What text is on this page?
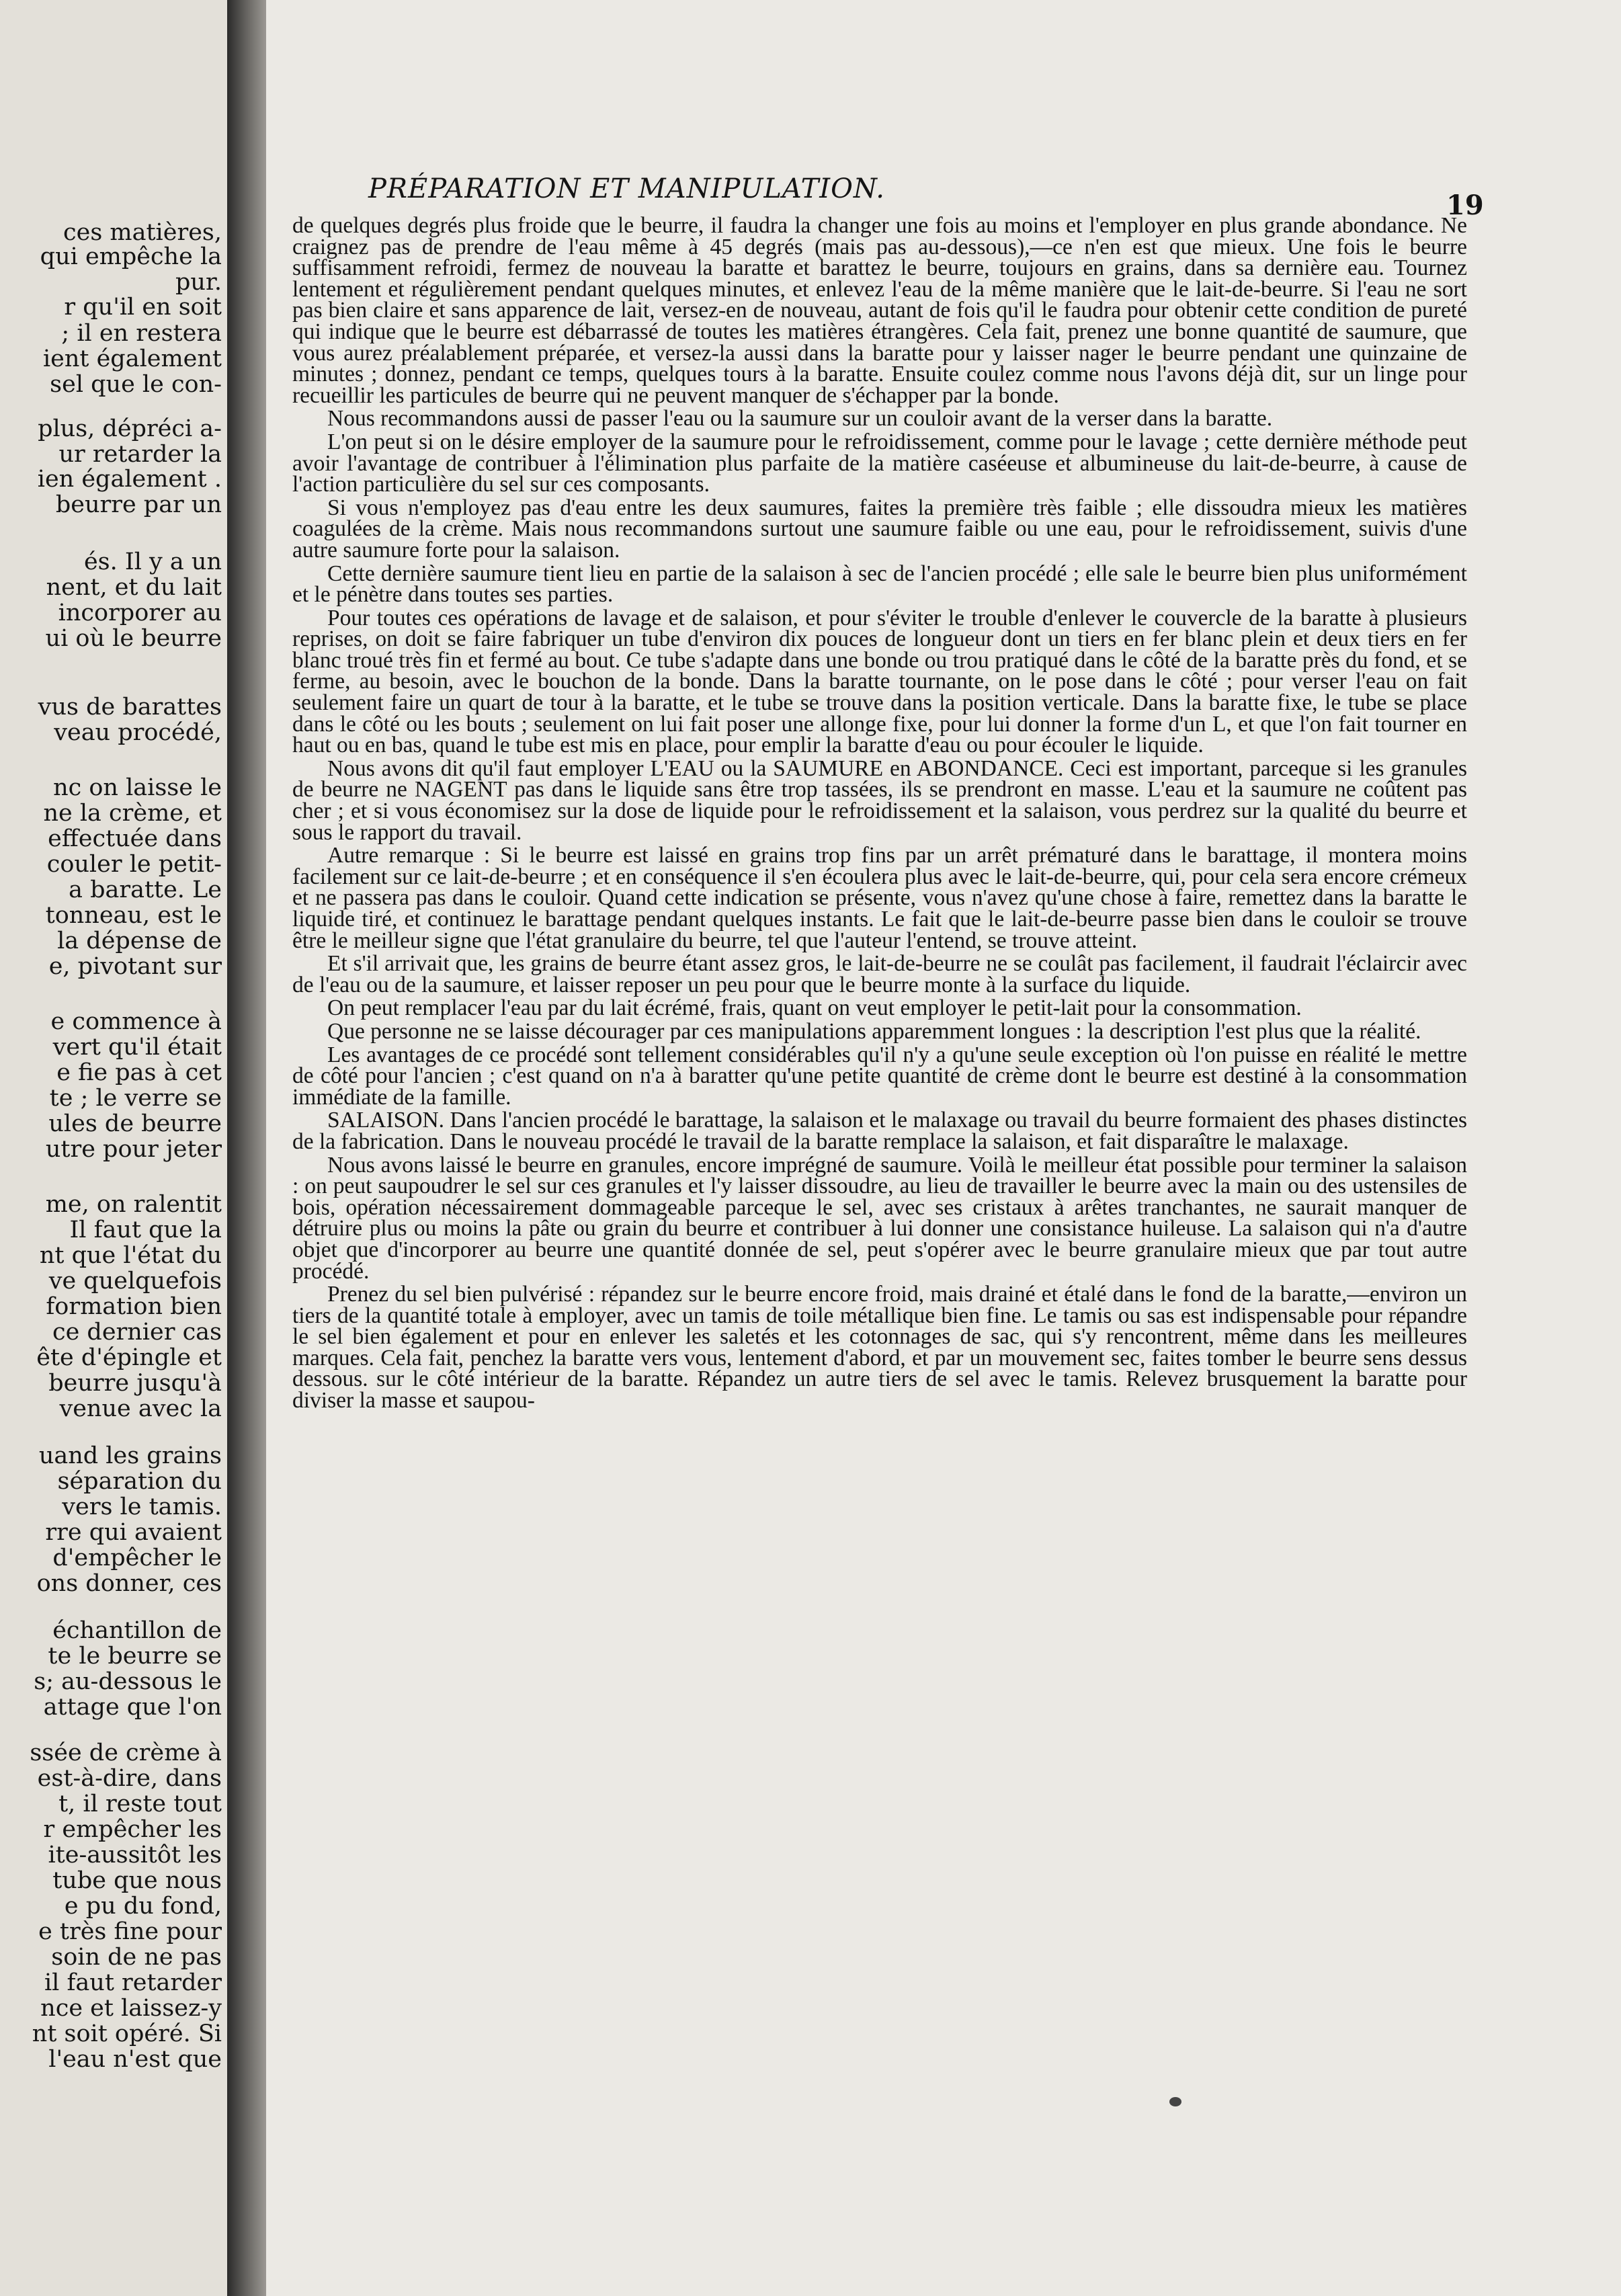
ces matières,
qui empêche la
pur.
r qu'il en soit
; il en restera
ient également
sel que le con-
plus, dépréci a-
ur retarder la
ien également .
beurre par un
és. Il y a un
nent, et du lait
incorporer au
ui où le beurre
vus de barattes
veau procédé,
nc on laisse le
ne la crème, et
effectuée dans
couler le petit-
a baratte. Le
tonneau, est le
la dépense de
e, pivotant sur
e commence à
vert qu'il était
e fie pas à cet
te ; le verre se
ules de beurre
utre pour jeter
me, on ralentit
Il faut que la
nt que l'état du
ve quelquefois
formation bien
ce dernier cas
ête d'épingle et
beurre jusqu'à
venue avec la
uand les grains
séparation du
vers le tamis.
rre qui avaient
d'empêcher le
ons donner, ces
échantillon de
te le beurre se
s; au-dessous le
attage que l'on
ssée de crème à
est-à-dire, dans
t, il reste tout
r empêcher les
ite-aussitôt les
tube que nous
e pu du fond,
e très fine pour
soin de ne pas
il faut retarder
nce et laissez-y
nt soit opéré. Si
l'eau n'est que
PRÉPARATION ET MANIPULATION.
19

de quelques degrés plus froide que le beurre, il faudra la changer une fois au moins et l'employer en plus grande abondance. Ne craignez pas de prendre de l'eau même à 45 degrés (mais pas au-dessous),—ce n'en est que mieux. Une fois le beurre suffisamment refroidi, fermez de nouveau la baratte et barattez le beurre, toujours en grains, dans sa dernière eau. Tournez lentement et régulièrement pendant quelques minutes, et enlevez l'eau de la même manière que le lait-de-beurre. Si l'eau ne sort pas bien claire et sans apparence de lait, versez-en de nouveau, autant de fois qu'il le faudra pour obtenir cette condition de pureté qui indique que le beurre est débarrassé de toutes les matières étrangères. Cela fait, prenez une bonne quantité de saumure, que vous aurez préalablement préparée, et versez-la aussi dans la baratte pour y laisser nager le beurre pendant une quinzaine de minutes ; donnez, pendant ce temps, quelques tours à la baratte. Ensuite coulez comme nous l'avons déjà dit, sur un linge pour recueillir les particules de beurre qui ne peuvent manquer de s'échapper par la bonde.

Nous recommandons aussi de passer l'eau ou la saumure sur un couloir avant de la verser dans la baratte.

L'on peut si on le désire employer de la saumure pour le refroidissement, comme pour le lavage ; cette dernière méthode peut avoir l'avantage de contribuer à l'élimination plus parfaite de la matière caséeuse et albumineuse du lait-de-beurre, à cause de l'action particulière du sel sur ces composants.

Si vous n'employez pas d'eau entre les deux saumures, faites la première très faible ; elle dissoudra mieux les matières coagulées de la crème. Mais nous recommandons surtout une saumure faible ou une eau, pour le refroidissement, suivis d'une autre saumure forte pour la salaison.

Cette dernière saumure tient lieu en partie de la salaison à sec de l'ancien procédé ; elle sale le beurre bien plus uniformément et le pénètre dans toutes ses parties.

Pour toutes ces opérations de lavage et de salaison, et pour s'éviter le trouble d'enlever le couvercle de la baratte à plusieurs reprises, on doit se faire fabriquer un tube d'environ dix pouces de longueur dont un tiers en fer blanc plein et deux tiers en fer blanc troué très fin et fermé au bout. Ce tube s'adapte dans une bonde ou trou pratiqué dans le côté de la baratte près du fond, et se ferme, au besoin, avec le bouchon de la bonde. Dans la baratte tournante, on le pose dans le côté ; pour verser l'eau on fait seulement faire un quart de tour à la baratte, et le tube se trouve dans la position verticale. Dans la baratte fixe, le tube se place dans le côté ou les bouts ; seulement on lui fait poser une allonge fixe, pour lui donner la forme d'un L, et que l'on fait tourner en haut ou en bas, quand le tube est mis en place, pour emplir la baratte d'eau ou pour écouler le liquide.

Nous avons dit qu'il faut employer L'EAU ou la SAUMURE en ABONDANCE. Ceci est important, parceque si les granules de beurre ne NAGENT pas dans le liquide sans être trop tassées, ils se prendront en masse. L'eau et la saumure ne coûtent pas cher ; et si vous économisez sur la dose de liquide pour le refroidissement et la salaison, vous perdrez sur la qualité du beurre et sous le rapport du travail.

Autre remarque : Si le beurre est laissé en grains trop fins par un arrêt prématuré dans le barattage, il montera moins facilement sur ce lait-de-beurre ; et en conséquence il s'en écoulera plus avec le lait-de-beurre, qui, pour cela sera encore crémeux et ne passera pas dans le couloir. Quand cette indication se présente, vous n'avez qu'une chose à faire, remettez dans la baratte le liquide tiré, et continuez le barattage pendant quelques instants. Le fait que le lait-de-beurre passe bien dans le couloir se trouve être le meilleur signe que l'état granulaire du beurre, tel que l'auteur l'entend, se trouve atteint.

Et s'il arrivait que, les grains de beurre étant assez gros, le lait-de-beurre ne se coulât pas facilement, il faudrait l'éclaircir avec de l'eau ou de la saumure, et laisser reposer un peu pour que le beurre monte à la surface du liquide.

On peut remplacer l'eau par du lait écrémé, frais, quant on veut employer le petit-lait pour la consommation.

Que personne ne se laisse décourager par ces manipulations apparemment longues : la description l'est plus que la réalité.

Les avantages de ce procédé sont tellement considérables qu'il n'y a qu'une seule exception où l'on puisse en réalité le mettre de côté pour l'ancien ; c'est quand on n'a à baratter qu'une petite quantité de crème dont le beurre est destiné à la consommation immédiate de la famille.

SALAISON. Dans l'ancien procédé le barattage, la salaison et le malaxage ou travail du beurre formaient des phases distinctes de la fabrication. Dans le nouveau procédé le travail de la baratte remplace la salaison, et fait disparaître le malaxage.

Nous avons laissé le beurre en granules, encore imprégné de saumure. Voilà le meilleur état possible pour terminer la salaison : on peut saupoudrer le sel sur ces granules et l'y laisser dissoudre, au lieu de travailler le beurre avec la main ou des ustensiles de bois, opération nécessairement dommageable parceque le sel, avec ses cristaux à arêtes tranchantes, ne saurait manquer de détruire plus ou moins la pâte ou grain du beurre et contribuer à lui donner une consistance huileuse. La salaison qui n'a d'autre objet que d'incorporer au beurre une quantité donnée de sel, peut s'opérer avec le beurre granulaire mieux que par tout autre procédé.

Prenez du sel bien pulvérisé : répandez sur le beurre encore froid, mais drainé et étalé dans le fond de la baratte,—environ un tiers de la quantité totale à employer, avec un tamis de toile métallique bien fine. Le tamis ou sas est indispensable pour répandre le sel bien également et pour en enlever les saletés et les cotonnages de sac, qui s'y rencontrent, même dans les meilleures marques. Cela fait, penchez la baratte vers vous, lentement d'abord, et par un mouvement sec, faites tomber le beurre sens dessus dessous. sur le côté intérieur de la baratte. Répandez un autre tiers de sel avec le tamis. Relevez brusquement la baratte pour diviser la masse et saupou-
